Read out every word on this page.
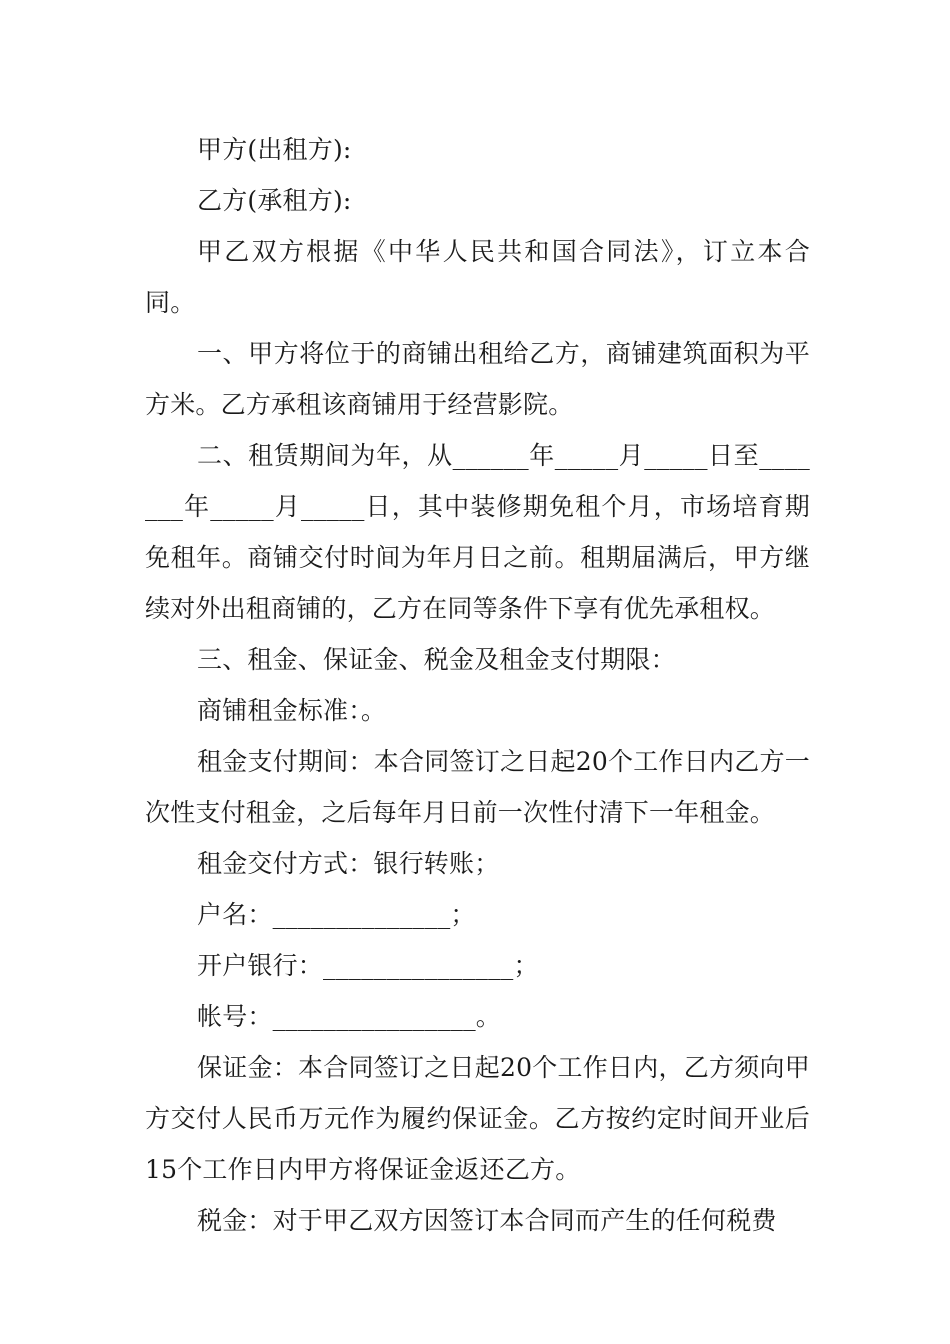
甲方(出租方):

乙方(承租方):

甲乙双方根据《中华人民共和国合同法》，订立本合同。

一、甲方将位于的商铺出租给乙方，商铺建筑面积为平方米。乙方承租该商铺用于经营影院。

二、租赁期间为年，从______年_____月_____日至_______年_____月_____日，其中装修期免租个月，市场培育期免租年。商铺交付时间为年月日之前。租期届满后，甲方继续对外出租商铺的，乙方在同等条件下享有优先承租权。

三、租金、保证金、税金及租金支付期限：

商铺租金标准：。

租金支付期间：本合同签订之日起20个工作日内乙方一次性支付租金，之后每年月日前一次性付清下一年租金。

租金交付方式：银行转账；

户名：______________；

开户银行：_______________；

帐号：________________。

保证金：本合同签订之日起20个工作日内，乙方须向甲方交付人民币万元作为履约保证金。乙方按约定时间开业后15个工作日内甲方将保证金返还乙方。

税金：对于甲乙双方因签订本合同而产生的任何税费
